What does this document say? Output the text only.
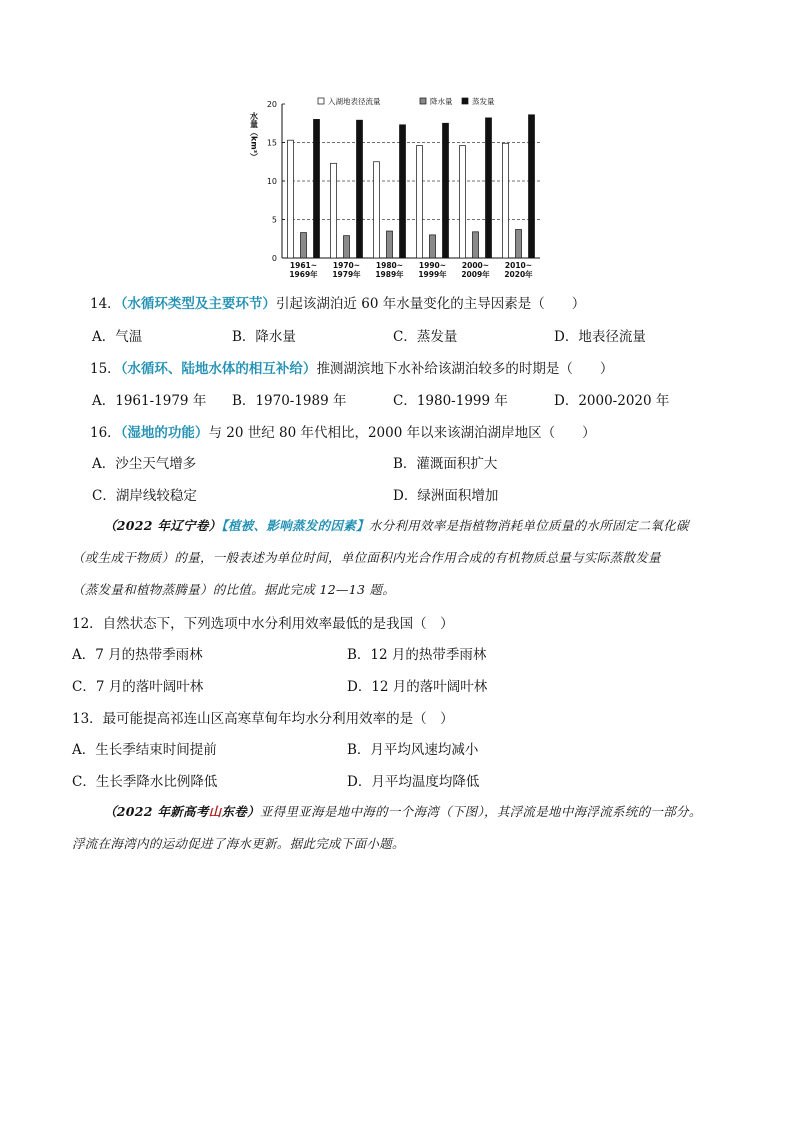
0
5
10
15
20
1961~
1969年
1970~
1979年
1980~
1989年
1990~
1999年
2000~
2009年
2010~
2020年
入湖地表径流量	降水量	蒸发量
水量（km³）
14．（水循环类型及主要环节）引起该湖泊近 60 年水量变化的主导因素是（　　）
A．气温	B．降水量	C．蒸发量	D．地表径流量
15．（水循环、陆地水体的相互补给）推测湖滨地下水补给该湖泊较多的时期是（　　）
A．1961-1979 年 B．1970-1989 年	C．1980-1999 年	D．2000-2020 年
16．（湿地的功能）与 20 世纪 80 年代相比，2000 年以来该湖泊湖岸地区（　　）
A．沙尘天气增多	B．灌溉面积扩大
C．湖岸线较稳定	D．绿洲面积增加
（2022 年辽宁卷）【植被、影响蒸发的因素】水分利用效率是指植物消耗单位质量的水所固定二氧化碳
（或生成干物质）的量，一般表述为单位时间，单位面积内光合作用合成的有机物质总量与实际蒸散发量
（蒸发量和植物蒸腾量）的比值。据此完成 12—13 题。
12．自然状态下，下列选项中水分利用效率最低的是我国（　）
A．7 月的热带季雨林	B．12 月的热带季雨林
C．7 月的落叶阔叶林	D．12 月的落叶阔叶林
13．最可能提高祁连山区高寒草甸年均水分利用效率的是（　）
A．生长季结束时间提前	B．月平均风速均减小
C．生长季降水比例降低	D．月平均温度均降低
（2022 年新高考山东卷）亚得里亚海是地中海的一个海湾（下图），其浮流是地中海浮流系统的一部分。
浮流在海湾内的运动促进了海水更新。据此完成下面小题。
